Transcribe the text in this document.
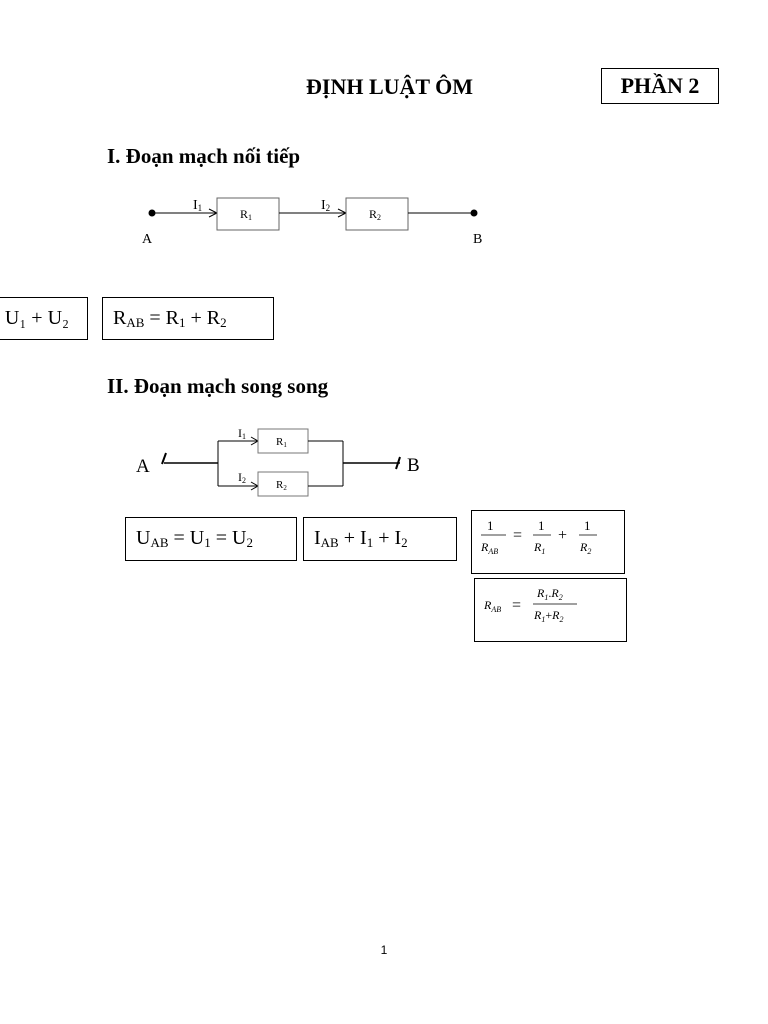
ĐỊNH LUẬT ÔM	PHẦN 2
I. Đoạn mạch nối tiếp
I1	I2
R1	R2
A	B
U₁ + U₂ $R_{AB} = R_1 + R_2$
II. Đoạn mạch song song
A	B
I1
I2
R1
R2
$U_{AB} = U_1 = U_2$	$I_{AB} + I_1 + I_2$
1
$R_{AB}$
=
1
$R_1$
+
1
$R_2$
$R_{AB}$ =
$R_1.R_2$
$R_1+R_2$
1
